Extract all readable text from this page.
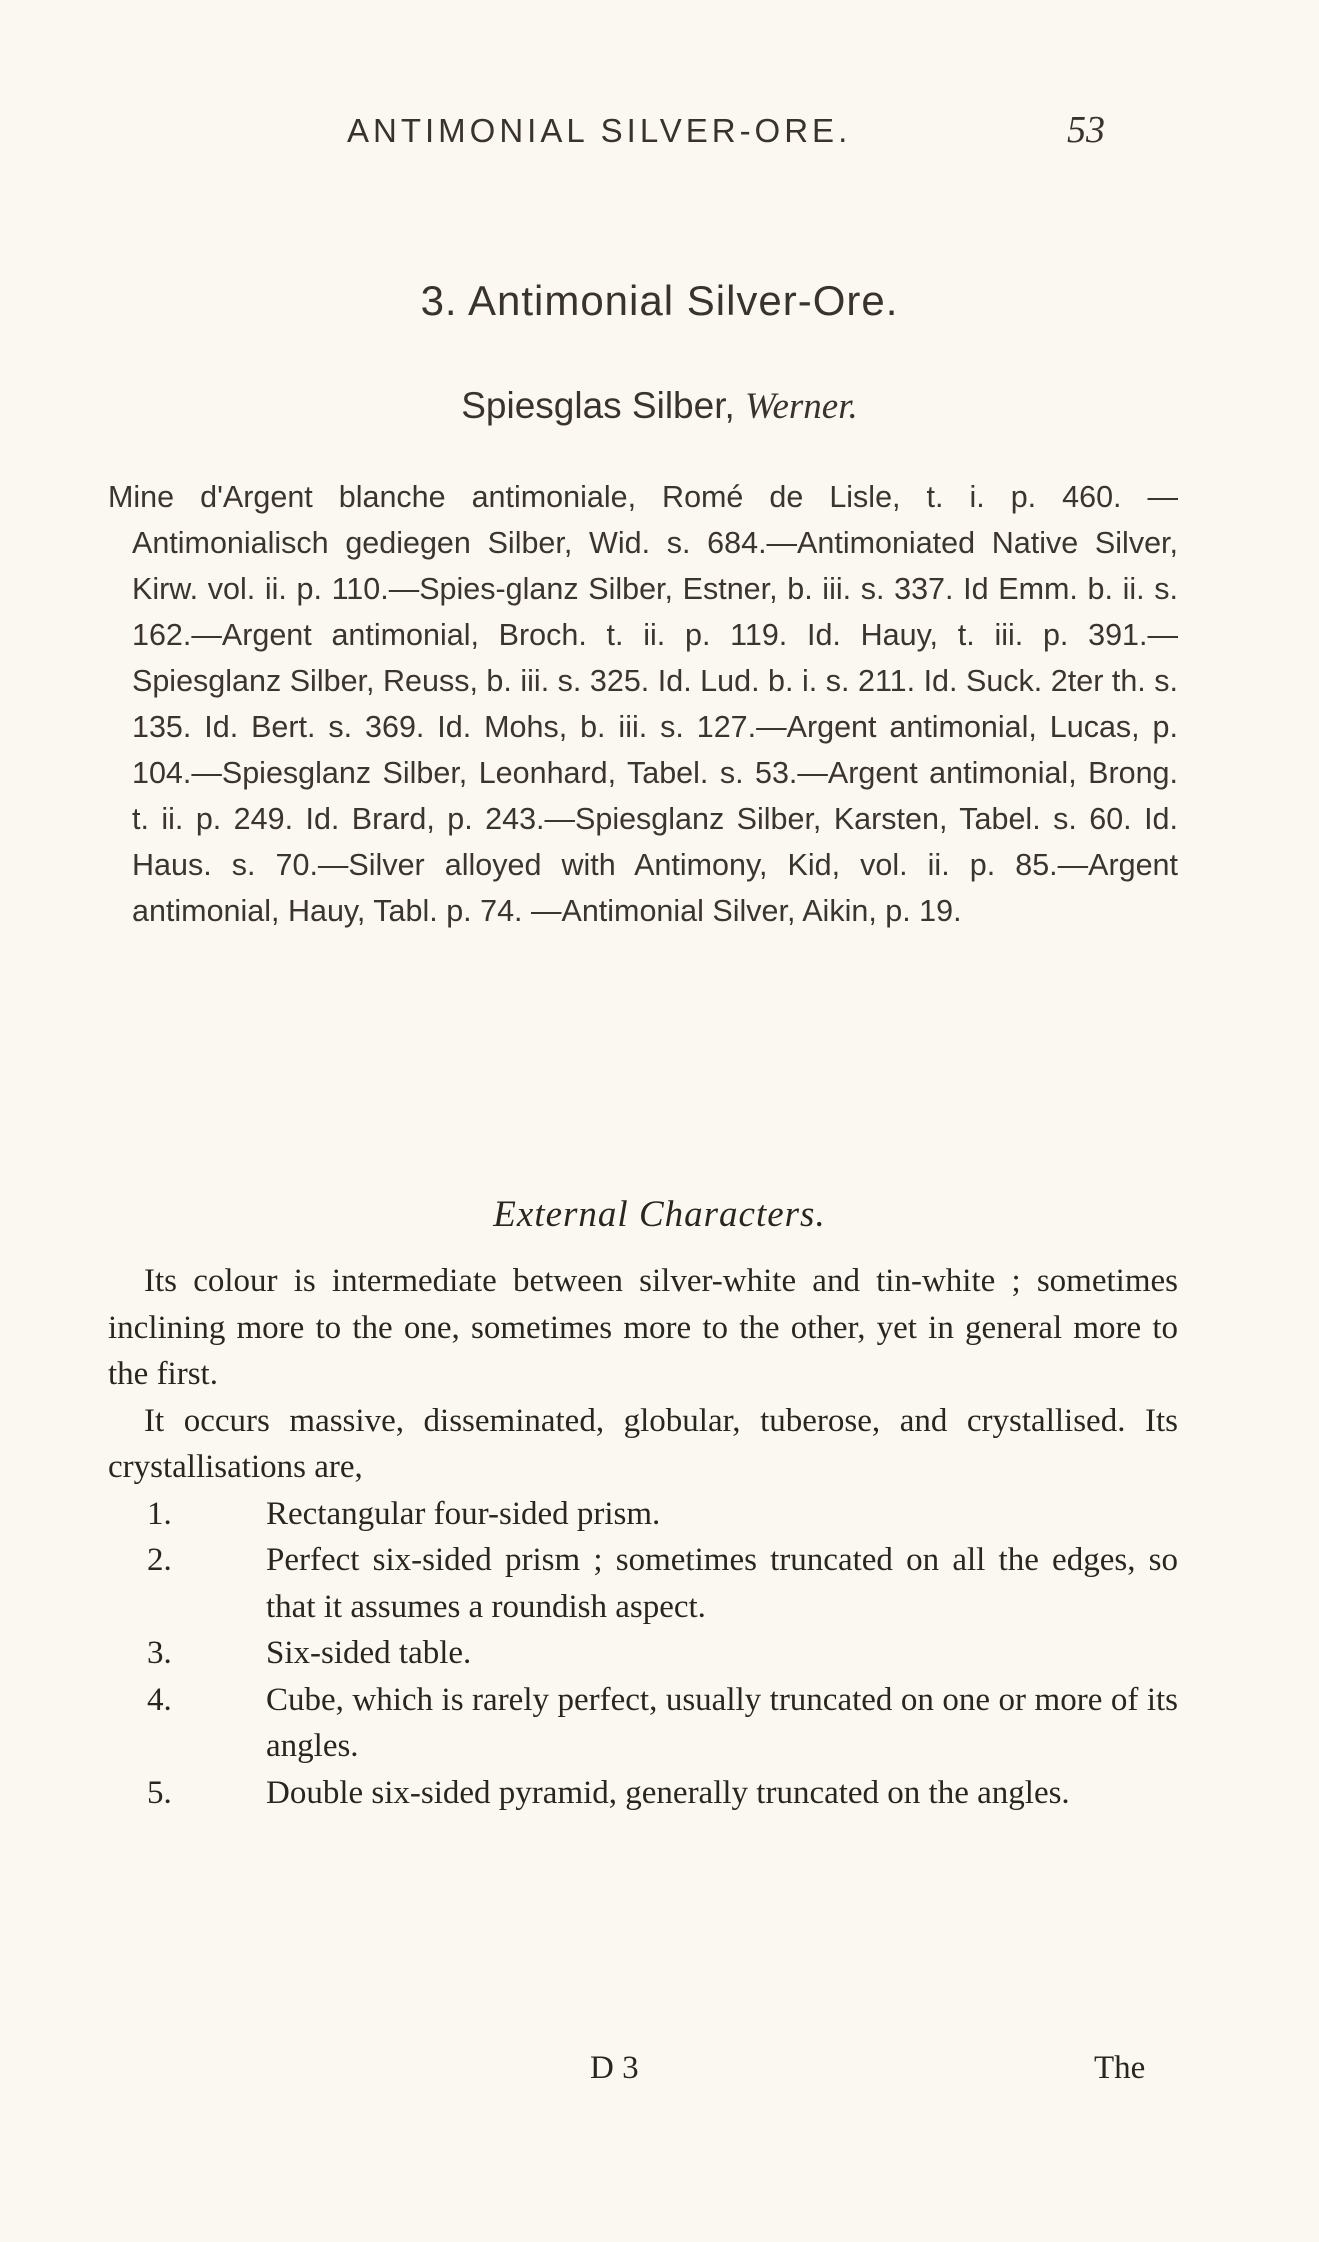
ANTIMONIAL SILVER-ORE.	53
3. Antimonial Silver-Ore.
Spiesglas Silber, Werner.

Mine d'Argent blanche antimoniale, Romé de Lisle, t. i. p. 460. —Antimonialisch gediegen Silber, Wid. s. 684.—Antimoniated Native Silver, Kirw. vol. ii. p. 110.—Spies-glanz Silber, Estner, b. iii. s. 337. Id Emm. b. ii. s. 162.—Argent antimonial, Broch. t. ii. p. 119. Id. Hauy, t. iii. p. 391.—Spiesglanz Silber, Reuss, b. iii. s. 325. Id. Lud. b. i. s. 211. Id. Suck. 2ter th. s. 135. Id. Bert. s. 369. Id. Mohs, b. iii. s. 127.—Argent antimonial, Lucas, p. 104.—Spiesglanz Silber, Leonhard, Tabel. s. 53.—Argent antimonial, Brong. t. ii. p. 249. Id. Brard, p. 243.—Spiesglanz Silber, Karsten, Tabel. s. 60. Id. Haus. s. 70.—Silver alloyed with Antimony, Kid, vol. ii. p. 85.—Argent antimonial, Hauy, Tabl. p. 74. —Antimonial Silver, Aikin, p. 19.

External Characters.

Its colour is intermediate between silver-white and tin-white ; sometimes inclining more to the one, sometimes more to the other, yet in general more to the first.

It occurs massive, disseminated, globular, tuberose, and crystallised. Its crystallisations are,

1.	Rectangular four-sided prism.
2.	Perfect six-sided prism ; sometimes truncated on all the edges, so that it assumes a roundish aspect.
3.	Six-sided table.
4.	Cube, which is rarely perfect, usually truncated on one or more of its angles.
5.	Double six-sided pyramid, generally truncated on the angles.
D 3	The
